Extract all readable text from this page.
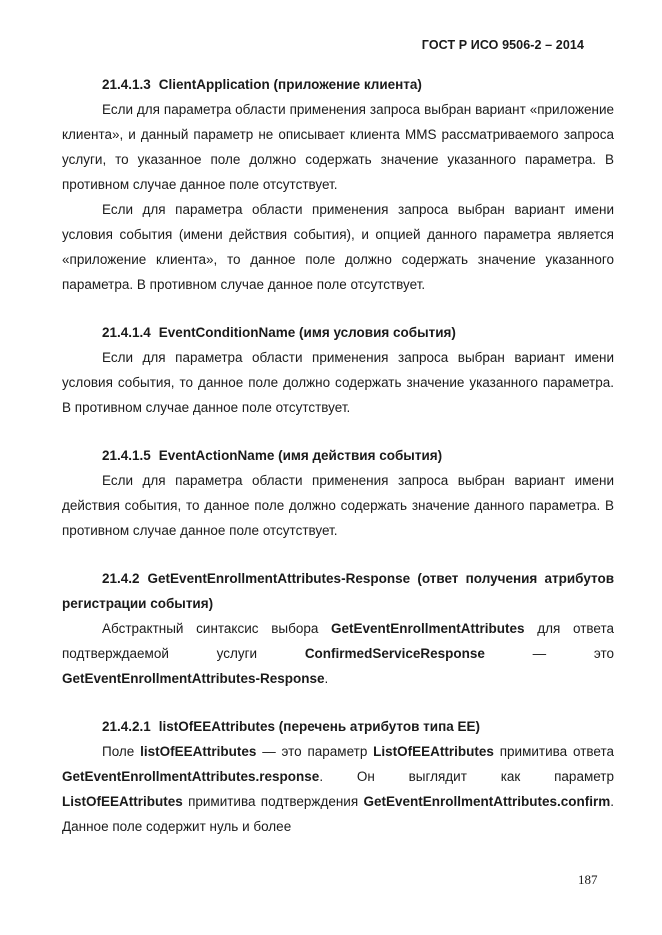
ГОСТ Р ИСО 9506-2 – 2014

21.4.1.3 ClientApplication (приложение клиента)

Если для параметра области применения запроса выбран вариант «приложение клиента», и данный параметр не описывает клиента MMS рассматриваемого запроса услуги, то указанное поле должно содержать значение указанного параметра. В противном случае данное поле отсутствует.

Если для параметра области применения запроса выбран вариант имени условия события (имени действия события), и опцией данного параметра является «приложение клиента», то данное поле должно содержать значение указанного параметра. В противном случае данное поле отсутствует.

21.4.1.4 EventConditionName (имя условия события)

Если для параметра области применения запроса выбран вариант имени условия события, то данное поле должно содержать значение указанного параметра. В противном случае данное поле отсутствует.

21.4.1.5 EventActionName (имя действия события)

Если для параметра области применения запроса выбран вариант имени действия события, то данное поле должно содержать значение данного параметра. В противном случае данное поле отсутствует.

21.4.2 GetEventEnrollmentAttributes-Response (ответ получения атрибутов регистрации события)

Абстрактный синтаксис выбора GetEventEnrollmentAttributes для ответа подтверждаемой услуги ConfirmedServiceResponse — это GetEventEnrollmentAttributes-Response.

21.4.2.1 listOfEEAttributes (перечень атрибутов типа EE)

Поле listOfEEAttributes — это параметр ListOfEEAttributes примитива ответа GetEventEnrollmentAttributes.response. Он выглядит как параметр ListOfEEAttributes примитива подтверждения GetEventEnrollmentAttributes.confirm. Данное поле содержит нуль и более

187
